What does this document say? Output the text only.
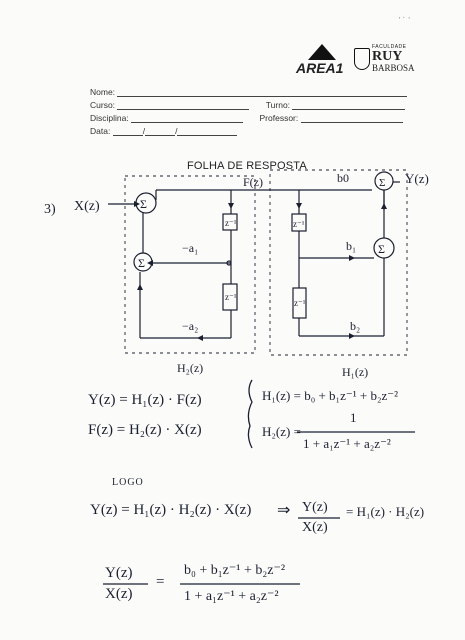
ˈ ˙ ˈ
AREA1
FACULDADE
RUY
BARBOSA
Nome:
Curso:	Turno:
Disciplina:	Professor:
Data:	/	/
FOLHA DE RESPOSTA
3) X(z)	Σ
Σ
Σ
Σ
F(z)	b0	Y(z)
z⁻¹
z⁻¹
z⁻¹
z⁻¹
−a₁
−a₂
b₁
b₂
H₂(z)	H₁(z)
Y(z) = H₁(z) · F(z)
F(z) = H₂(z) · X(z)
H₁(z) = b₀ + b₁z⁻¹ + b₂z⁻²
H₂(z) =
1
1 + a₁z⁻¹ + a₂z⁻²
LOGO
Y(z) = H₁(z) · H₂(z) · X(z) ⇒ Y(z)
X(z)
= H₁(z) · H₂(z)
Y(z)
X(z)
=
b₀ + b₁z⁻¹ + b₂z⁻²
1 + a₁z⁻¹ + a₂z⁻²
